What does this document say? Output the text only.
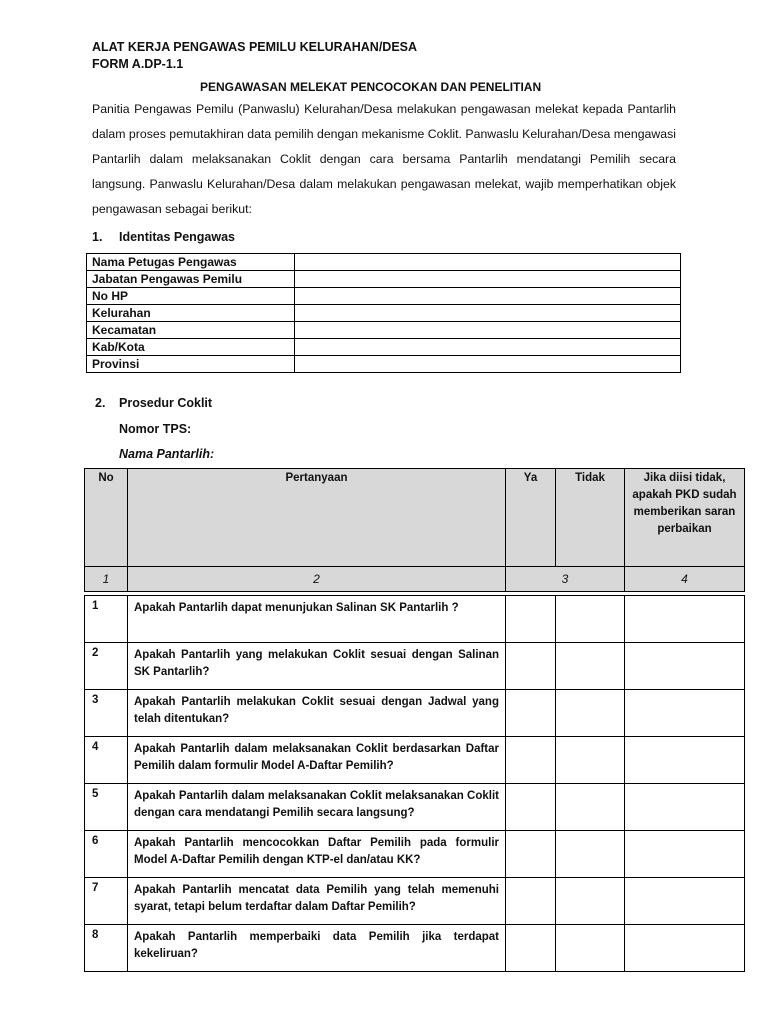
ALAT KERJA PENGAWAS PEMILU KELURAHAN/DESA
FORM A.DP-1.1
PENGAWASAN MELEKAT PENCOCOKAN DAN PENELITIAN
Panitia Pengawas Pemilu (Panwaslu) Kelurahan/Desa melakukan pengawasan melekat kepada Pantarlih dalam proses pemutakhiran data pemilih dengan mekanisme Coklit. Panwaslu Kelurahan/Desa mengawasi Pantarlih dalam melaksanakan Coklit dengan cara bersama Pantarlih mendatangi Pemilih secara langsung. Panwaslu Kelurahan/Desa dalam melakukan pengawasan melekat, wajib memperhatikan objek pengawasan sebagai berikut:
1. Identitas Pengawas
Nama Petugas Pengawas	
Jabatan Pengawas Pemilu	
No HP	
Kelurahan	
Kecamatan	
Kab/Kota	
Provinsi	
2. Prosedur Coklit
Nomor TPS:
Nama Pantarlih:
No	Pertanyaan	Ya	Tidak	Jika diisi tidak, apakah PKD sudah memberikan saran perbaikan
1	2	3		4

1	Apakah Pantarlih dapat menunjukan Salinan SK Pantarlih ?			
2	Apakah Pantarlih yang melakukan Coklit sesuai dengan Salinan SK Pantarlih?			
3	Apakah Pantarlih melakukan Coklit sesuai dengan Jadwal yang telah ditentukan?			
4	Apakah Pantarlih dalam melaksanakan Coklit berdasarkan Daftar Pemilih dalam formulir Model A-Daftar Pemilih?			
5	Apakah Pantarlih dalam melaksanakan Coklit melaksanakan Coklit dengan cara mendatangi Pemilih secara langsung?			
6	Apakah Pantarlih mencocokkan Daftar Pemilih pada formulir Model A-Daftar Pemilih dengan KTP-el dan/atau KK?			
7	Apakah Pantarlih mencatat data Pemilih yang telah memenuhi syarat, tetapi belum terdaftar dalam Daftar Pemilih?			
8	Apakah Pantarlih memperbaiki data Pemilih jika terdapat kekeliruan?			
